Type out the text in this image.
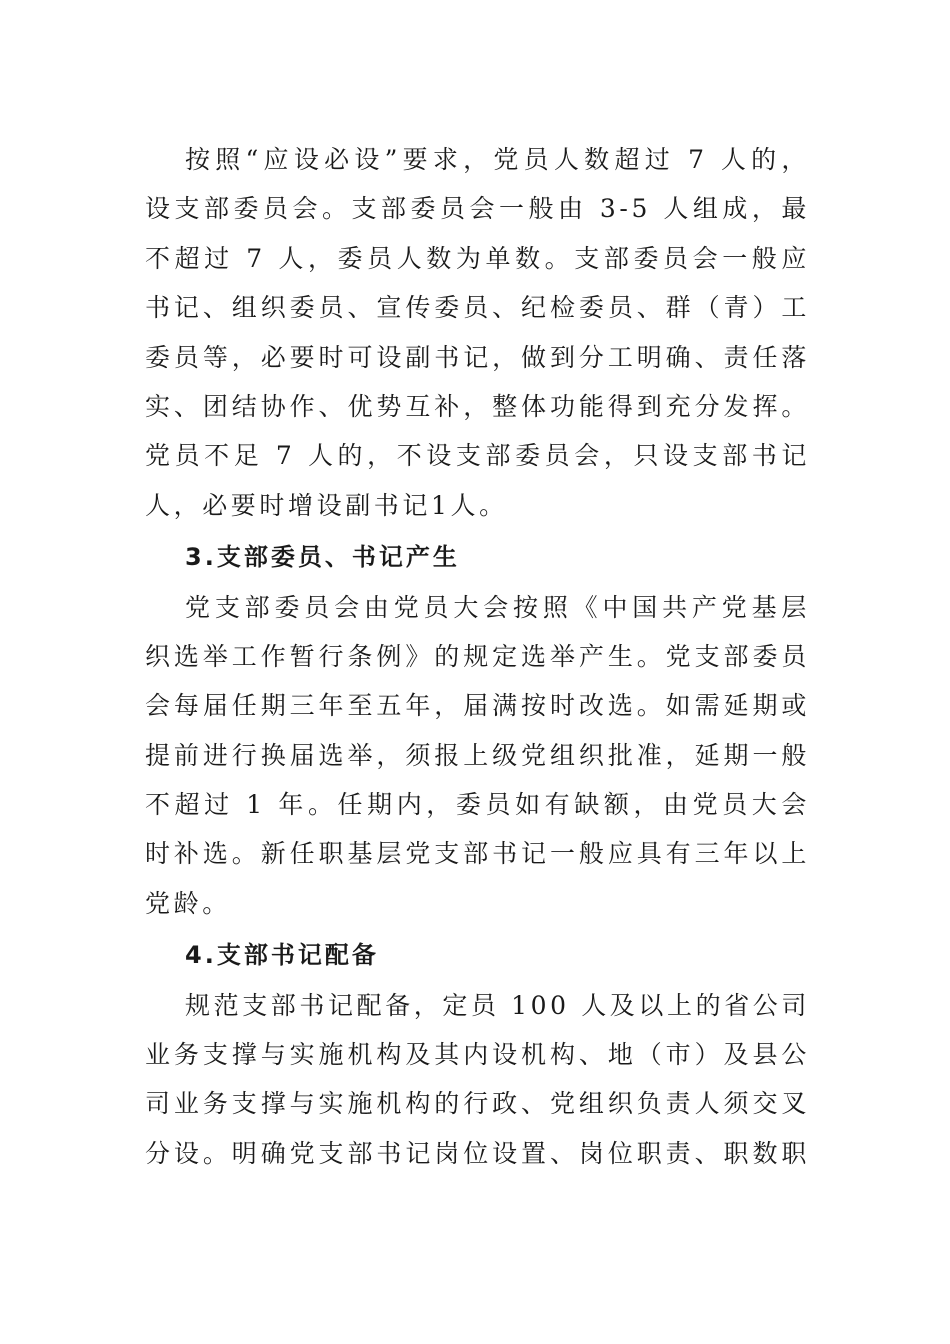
按照“应设必设”要求，党员人数超过 7 人的，
设支部委员会。支部委员会一般由 3-5 人组成，最
不超过 7 人，委员人数为单数。支部委员会一般应
书记、组织委员、宣传委员、纪检委员、群（青）工
委员等，必要时可设副书记，做到分工明确、责任落
实、团结协作、优势互补，整体功能得到充分发挥。
党员不足 7 人的，不设支部委员会，只设支部书记
人，必要时增设副书记1人。
3.支部委员、书记产生
党支部委员会由党员大会按照《中国共产党基层
织选举工作暂行条例》的规定选举产生。党支部委员
会每届任期三年至五年，届满按时改选。如需延期或
提前进行换届选举，须报上级党组织批准，延期一般
不超过 1 年。任期内，委员如有缺额，由党员大会
时补选。新任职基层党支部书记一般应具有三年以上
党龄。
4.支部书记配备
规范支部书记配备，定员 100 人及以上的省公司
业务支撑与实施机构及其内设机构、地（市）及县公
司业务支撑与实施机构的行政、党组织负责人须交叉
分设。明确党支部书记岗位设置、岗位职责、职数职
